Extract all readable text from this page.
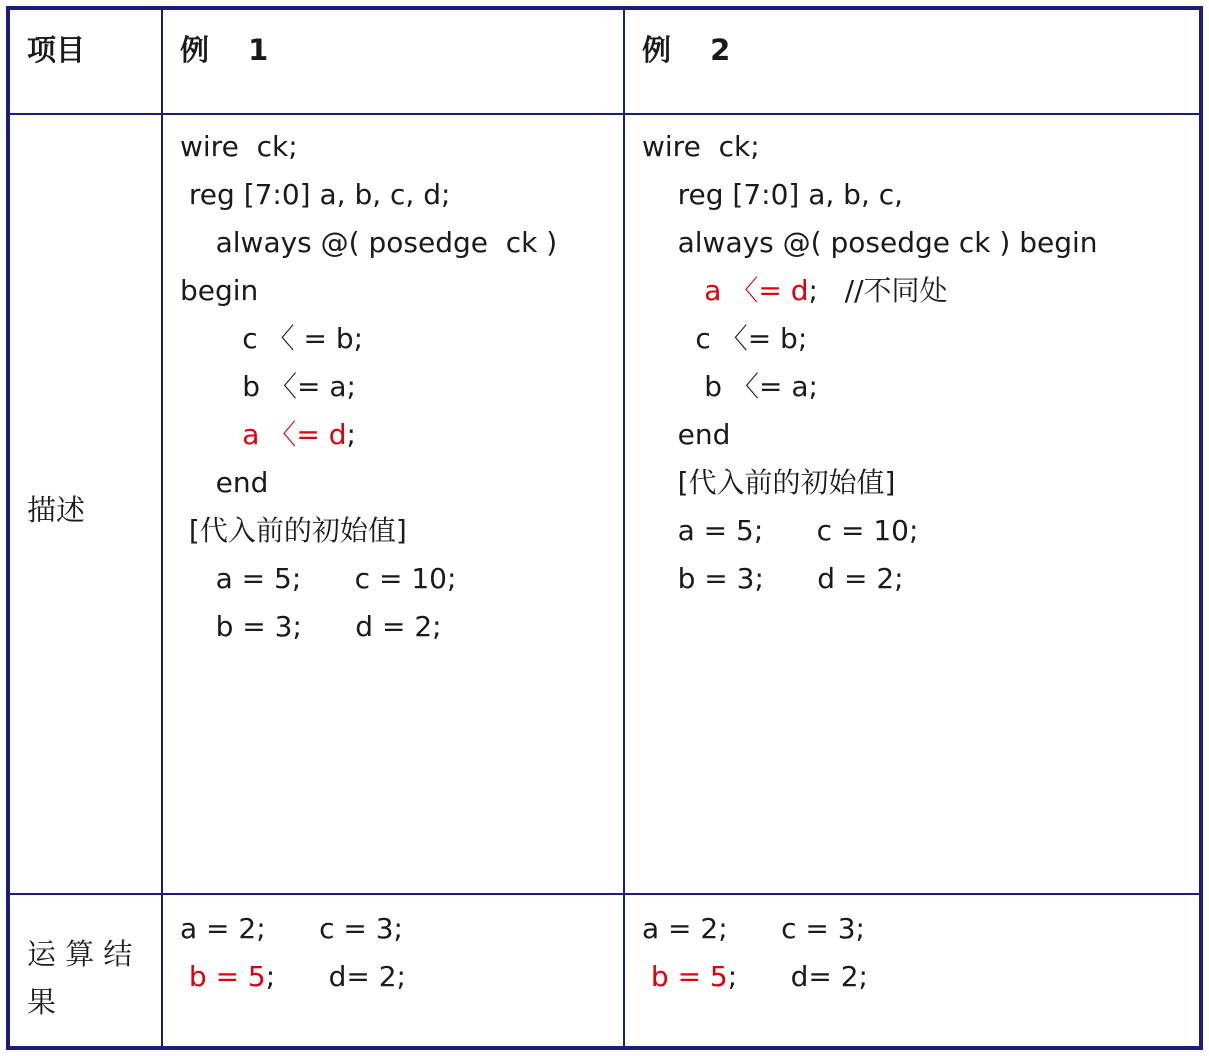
项目	例　 1	例　 2
描述
运 算 结
果
wire  ck;
reg [7:0] a, b, c, d;
always @( posedge  ck )
begin
c 〈 = b;
b 〈= a;
a 〈= d;
end
[代入前的初始值]
a = 5;      c = 10;
b = 3;      d = 2;
wire  ck;
reg [7:0] a, b, c,
always @( posedge ck ) begin
a 〈= d;   //不同处
c 〈= b;
b 〈= a;
end
[代入前的初始值]
a = 5;      c = 10;
b = 3;      d = 2;
a = 2;      c = 3;
b = 5;      d= 2;
a = 2;      c = 3;
b = 5;      d= 2;
